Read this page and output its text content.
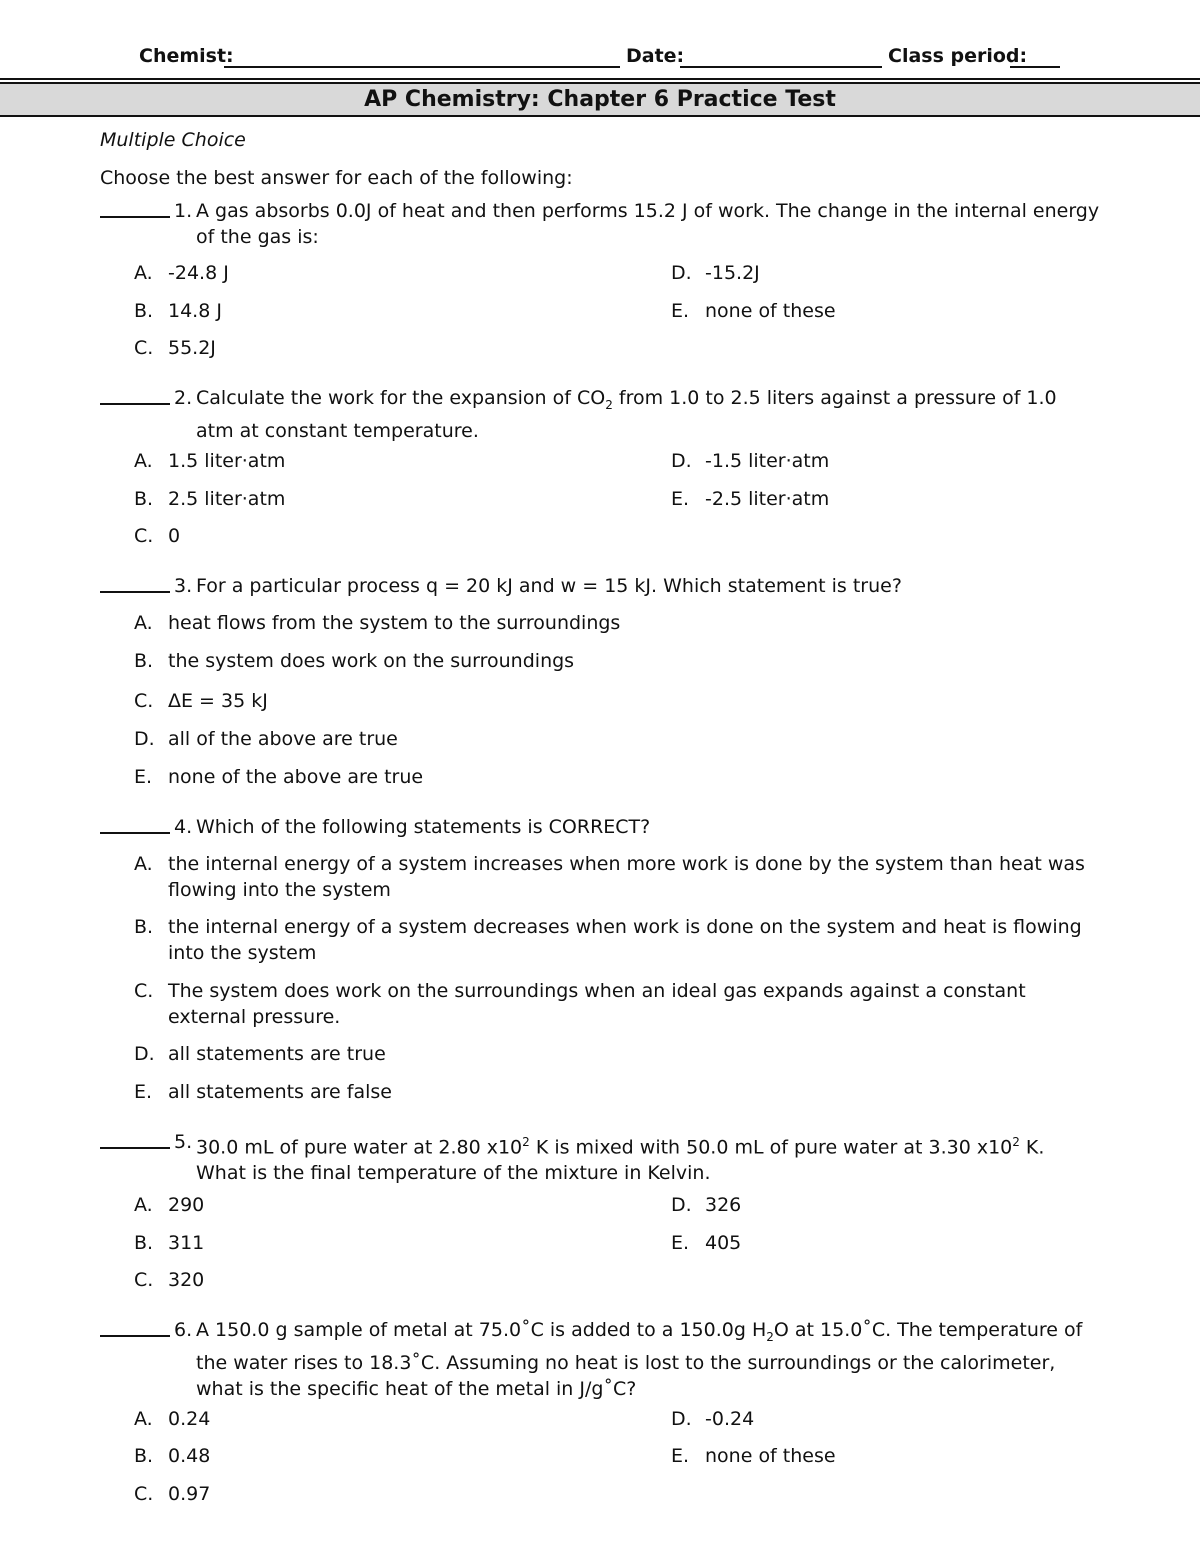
Chemist:	Date:	Class period:
AP Chemistry: Chapter 6 Practice Test
Multiple Choice
Choose the best answer for each of the following:
1. A gas absorbs 0.0J of heat and then performs 15.2 J of work. The change in the internal energy of the gas is:
A. -24.8 J
B. 14.8 J
C. 55.2J
D. -15.2J
E. none of these
2. Calculate the work for the expansion of $CO_2$ from 1.0 to 2.5 liters against a pressure of 1.0 atm at constant temperature.
A. 1.5 liter·atm
B. 2.5 liter·atm
C. 0
D. -1.5 liter·atm
E. -2.5 liter·atm
3. For a particular process q = 20 kJ and w = 15 kJ. Which statement is true?
A. heat flows from the system to the surroundings
B. the system does work on the surroundings
C. ΔE = 35 kJ
D. all of the above are true
E. none of the above are true
4. Which of the following statements is CORRECT?
A. the internal energy of a system increases when more work is done by the system than heat was flowing into the system
B. the internal energy of a system decreases when work is done on the system and heat is flowing into the system
C. The system does work on the surroundings when an ideal gas expands against a constant external pressure.
D. all statements are true
E. all statements are false
5. 30.0 mL of pure water at 2.80 $x10^2$ K is mixed with 50.0 mL of pure water at 3.30 $x10^2$ K. What is the final temperature of the mixture in Kelvin.
A. 290
B. 311
C. 320
D. 326
E. 405
6. A 150.0 g sample of metal at 75.0˚C is added to a 150.0g $H_2O$ at 15.0˚C. The temperature of the water rises to 18.3˚C. Assuming no heat is lost to the surroundings or the calorimeter, what is the specific heat of the metal in J/g˚C?
A. 0.24
B. 0.48
C. 0.97
D. -0.24
E. none of these
